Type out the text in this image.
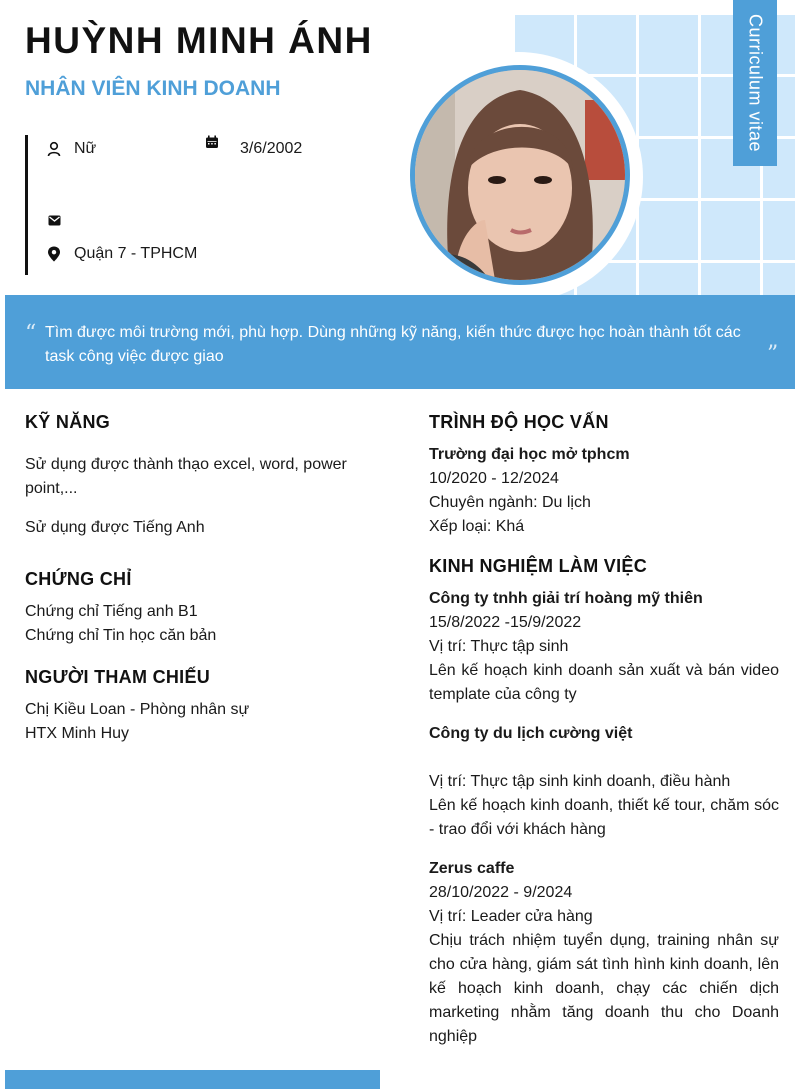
Curriculum vitae
HUỲNH MINH ÁNH
NHÂN VIÊN KINH DOANH
Nữ	3/6/2002
Quận 7 - TPHCM
“ Tìm được môi trường mới, phù hợp. Dùng những kỹ năng, kiến thức được học hoàn thành tốt các task công việc được giao	”
KỸ NĂNG
Sử dụng được thành thạo excel, word, power point,...
Sử dụng được Tiếng Anh
CHỨNG CHỈ
Chứng chỉ Tiếng anh B1
Chứng chỉ Tin học căn bản
NGƯỜI THAM CHIẾU
Chị Kiều Loan - Phòng nhân sự
HTX Minh Huy
TRÌNH ĐỘ HỌC VẤN
Trường đại học mở tphcm
10/2020 - 12/2024
Chuyên ngành: Du lịch
Xếp loại: Khá
KINH NGHIỆM LÀM VIỆC
Công ty tnhh giải trí hoàng mỹ thiên
15/8/2022 -15/9/2022
Vị trí: Thực tập sinh
Lên kế hoạch kinh doanh sản xuất và bán video template của công ty
Công ty du lịch cường việt
Vị trí: Thực tập sinh kinh doanh, điều hành
Lên kế hoạch kinh doanh, thiết kế tour, chăm sóc - trao đổi với khách hàng
Zerus caffe
28/10/2022 - 9/2024
Vị trí: Leader cửa hàng
Chịu trách nhiệm tuyển dụng, training nhân sự cho cửa hàng, giám sát tình hình kinh doanh, lên kế hoạch kinh doanh, chạy các chiến dịch marketing nhằm tăng doanh thu cho Doanh nghiệp
